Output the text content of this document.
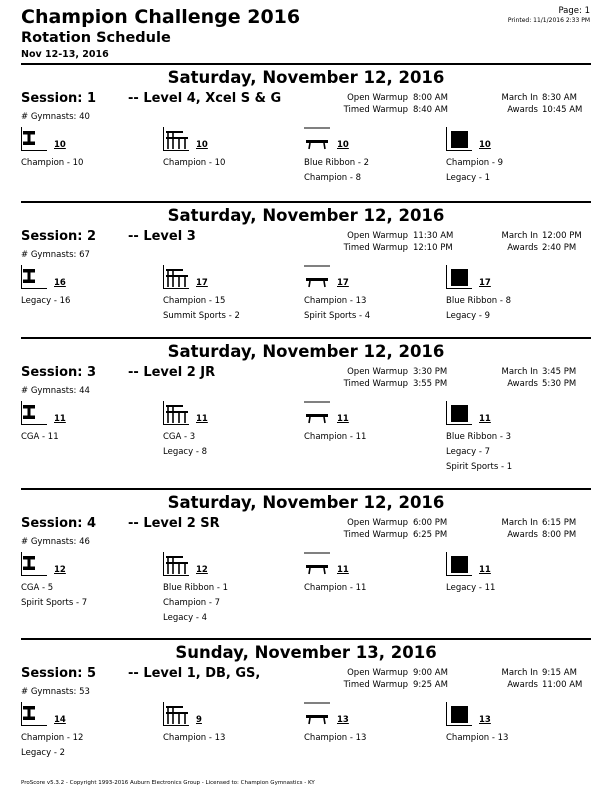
Champion Challenge 2016
Rotation Schedule
Nov 12-13, 2016
Page: 1
Printed: 11/1/2016 2:33 PM
Saturday, November 12, 2016
Session: 1 -- Level 4, Xcel S & G
# Gymnasts: 40
Open Warmup 8:00 AM
Timed Warmup 8:40 AM
March In 8:30 AM
Awards 10:45 AM
10
Champion - 10
10
Champion - 10
10
Blue Ribbon - 2
Champion - 8
10
Champion - 9
Legacy - 1
Saturday, November 12, 2016
Session: 2 -- Level 3
# Gymnasts: 67
Open Warmup 11:30 AM
Timed Warmup 12:10 PM
March In 12:00 PM
Awards 2:40 PM
16
Legacy - 16
17
Champion - 15
Summit Sports - 2
17
Champion - 13
Spirit Sports - 4
17
Blue Ribbon - 8
Legacy - 9
Saturday, November 12, 2016
Session: 3 -- Level 2 JR
# Gymnasts: 44
Open Warmup 3:30 PM
Timed Warmup 3:55 PM
March In 3:45 PM
Awards 5:30 PM
11
CGA - 11
11
CGA - 3
Legacy - 8
11
Champion - 11
11
Blue Ribbon - 3
Legacy - 7
Spirit Sports - 1
Saturday, November 12, 2016
Session: 4 -- Level 2 SR
# Gymnasts: 46
Open Warmup 6:00 PM
Timed Warmup 6:25 PM
March In 6:15 PM
Awards 8:00 PM
12
CGA - 5
Spirit Sports - 7
12
Blue Ribbon - 1
Champion - 7
Legacy - 4
11
Champion - 11
11
Legacy - 11
Sunday, November 13, 2016
Session: 5 -- Level 1, DB, GS,
# Gymnasts: 53
Open Warmup 9:00 AM
Timed Warmup 9:25 AM
March In 9:15 AM
Awards 11:00 AM
14
Champion - 12
Legacy - 2
9
Champion - 13
13
Champion - 13
13
Champion - 13
ProScore v5.3.2 - Copyright 1993-2016 Auburn Electronics Group - Licensed to: Champion Gymnastics - KY
